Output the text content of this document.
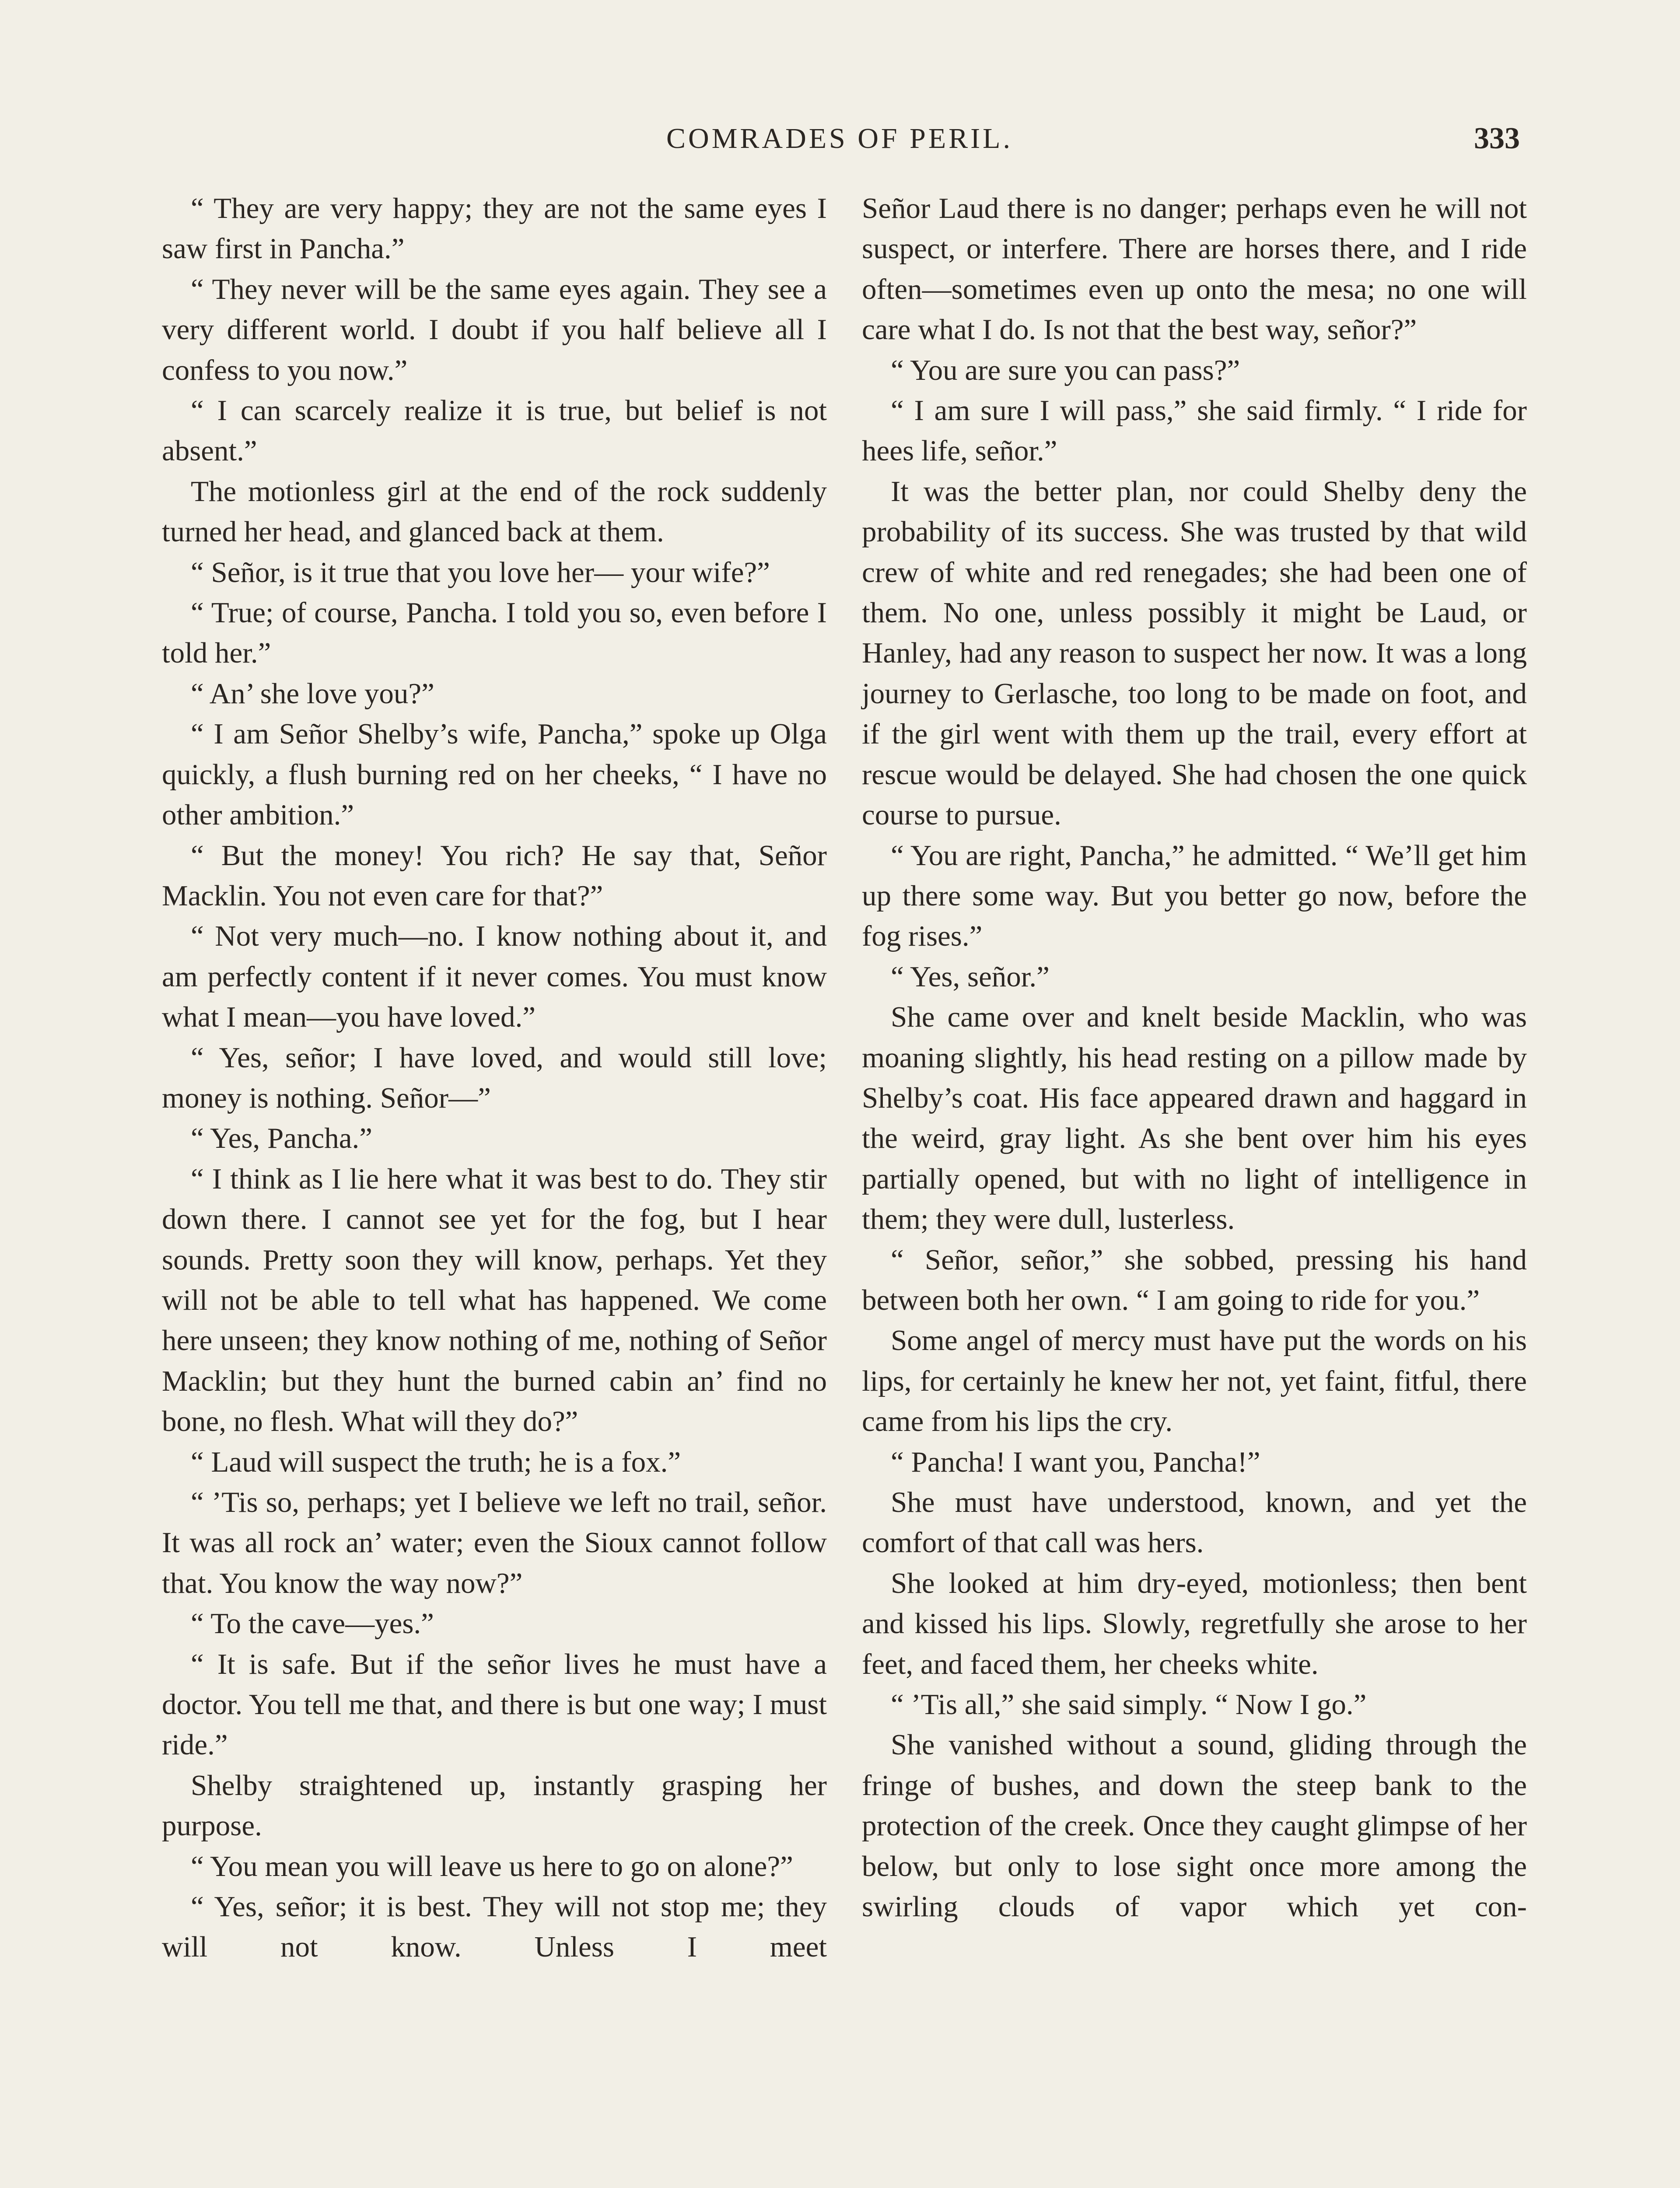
COMRADES OF PERIL.	333

“ They are very happy; they are not the same eyes I saw first in Pancha.”

“ They never will be the same eyes again. They see a very different world. I doubt if you half believe all I confess to you now.”

“ I can scarcely realize it is true, but belief is not absent.”

The motionless girl at the end of the rock suddenly turned her head, and glanced back at them.

“ Señor, is it true that you love her— your wife?”

“ True; of course, Pancha. I told you so, even before I told her.”

“ An’ she love you?”

“ I am Señor Shelby’s wife, Pancha,” spoke up Olga quickly, a flush burning red on her cheeks, “ I have no other ambition.”

“ But the money! You rich? He say that, Señor Macklin. You not even care for that?”

“ Not very much—no. I know nothing about it, and am perfectly content if it never comes. You must know what I mean—you have loved.”

“ Yes, señor; I have loved, and would still love; money is nothing. Señor—”

“ Yes, Pancha.”

“ I think as I lie here what it was best to do. They stir down there. I cannot see yet for the fog, but I hear sounds. Pretty soon they will know, perhaps. Yet they will not be able to tell what has happened. We come here unseen; they know nothing of me, nothing of Señor Macklin; but they hunt the burned cabin an’ find no bone, no flesh. What will they do?”

“ Laud will suspect the truth; he is a fox.”

“ ’Tis so, perhaps; yet I believe we left no trail, señor. It was all rock an’ water; even the Sioux cannot follow that. You know the way now?”

“ To the cave—yes.”

“ It is safe. But if the señor lives he must have a doctor. You tell me that, and there is but one way; I must ride.”

Shelby straightened up, instantly grasping her purpose.

“ You mean you will leave us here to go on alone?”

“ Yes, señor; it is best. They will not stop me; they will not know. Unless I meet

Señor Laud there is no danger; perhaps even he will not suspect, or interfere. There are horses there, and I ride often—sometimes even up onto the mesa; no one will care what I do. Is not that the best way, señor?”

“ You are sure you can pass?”

“ I am sure I will pass,” she said firmly. “ I ride for hees life, señor.”

It was the better plan, nor could Shelby deny the probability of its success. She was trusted by that wild crew of white and red renegades; she had been one of them. No one, unless possibly it might be Laud, or Hanley, had any reason to suspect her now. It was a long journey to Gerlasche, too long to be made on foot, and if the girl went with them up the trail, every effort at rescue would be delayed. She had chosen the one quick course to pursue.

“ You are right, Pancha,” he admitted. “ We’ll get him up there some way. But you better go now, before the fog rises.”

“ Yes, señor.”

She came over and knelt beside Macklin, who was moaning slightly, his head resting on a pillow made by Shelby’s coat. His face appeared drawn and haggard in the weird, gray light. As she bent over him his eyes partially opened, but with no light of intelligence in them; they were dull, lusterless.

“ Señor, señor,” she sobbed, pressing his hand between both her own. “ I am going to ride for you.”

Some angel of mercy must have put the words on his lips, for certainly he knew her not, yet faint, fitful, there came from his lips the cry.

“ Pancha! I want you, Pancha!”

She must have understood, known, and yet the comfort of that call was hers.

She looked at him dry-eyed, motionless; then bent and kissed his lips. Slowly, regretfully she arose to her feet, and faced them, her cheeks white.

“ ’Tis all,” she said simply. “ Now I go.”

She vanished without a sound, gliding through the fringe of bushes, and down the steep bank to the protection of the creek. Once they caught glimpse of her below, but only to lose sight once more among the swirling clouds of vapor which yet con-
